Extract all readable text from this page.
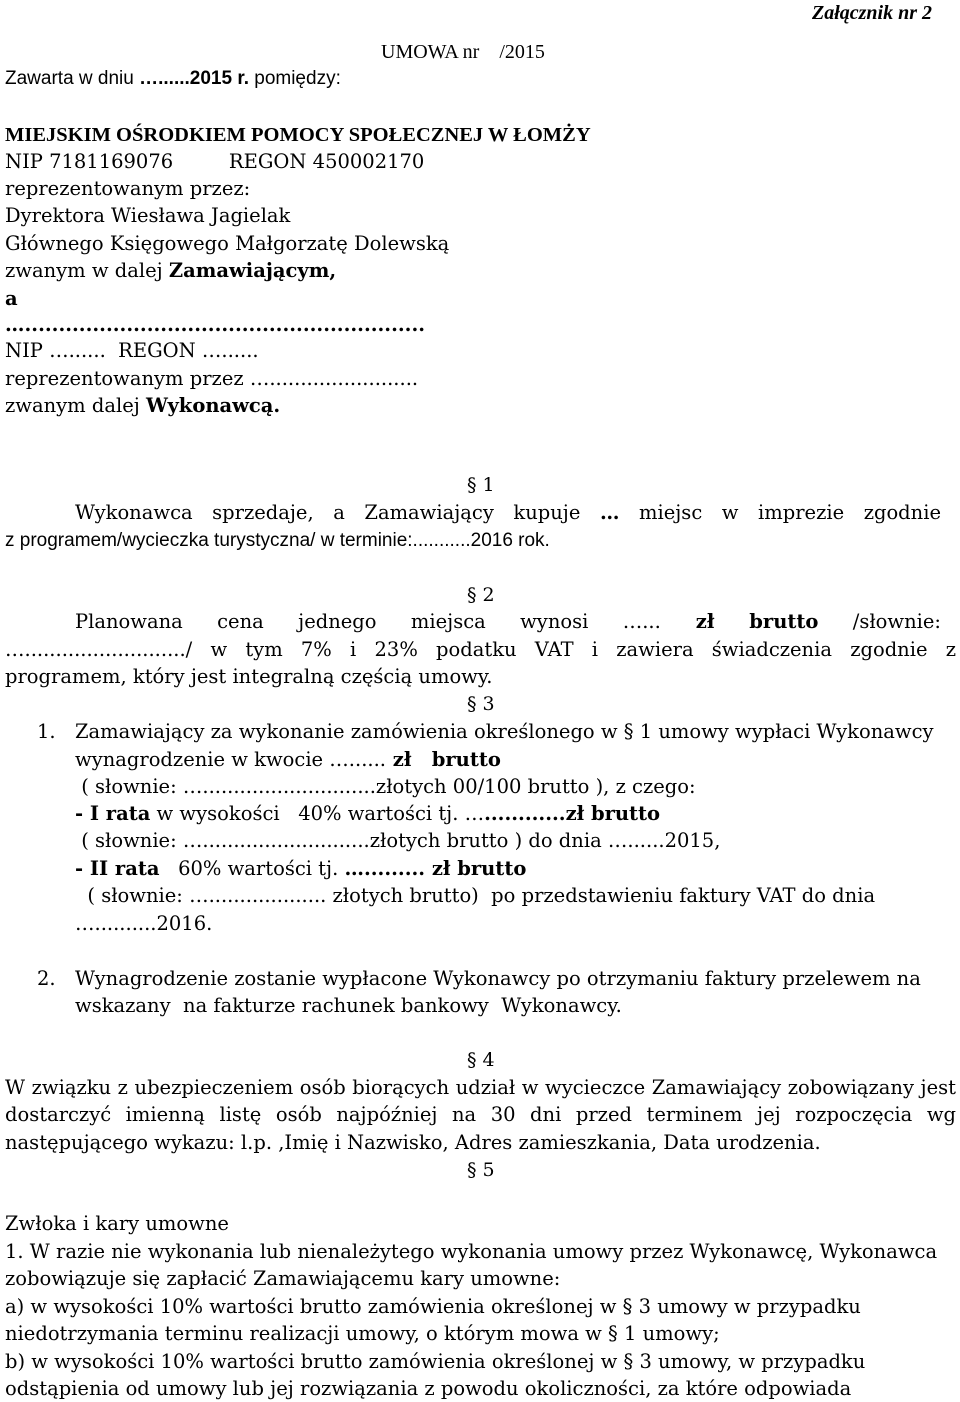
Załącznik nr 2
UMOWA nr    /2015
Zawarta w dniu …......2015 r. pomiędzy:
MIEJSKIM OŚRODKIEM POMOCY SPOŁECZNEJ W ŁOMŻY
NIP 7181169076         REGON 450002170
reprezentowanym przez:
Dyrektora Wiesława Jagielak
Głównego Księgowego Małgorzatę Dolewską
zwanym w dalej Zamawiającym,
a
…...........................................................
NIP …......  REGON …......
reprezentowanym przez …........................
zwanym dalej Wykonawcą.
§ 1
Wykonawca sprzedaje, a Zamawiający kupuje … miejsc w imprezie zgodnie
z programem/wycieczka turystyczna/ w terminie:...........2016 rok.
§ 2
Planowana cena jednego miejsca wynosi …... zł brutto /słownie:
…........................../ w tym 7% i 23% podatku VAT i zawiera świadczenia zgodnie z
programem, który jest integralną częścią umowy.
§ 3
1. Zamawiający za wykonanie zamówienia określonego w § 1 umowy wypłaci Wykonawcy
wynagrodzenie w kwocie …...... zł   brutto
( słownie: …............................złotych 00/100 brutto ), z czego:
- I rata w wysokości   40% wartości tj. …............zł brutto
( słownie: …...........................złotych brutto ) do dnia …......2015,
- II rata   60% wartości tj. …......... zł brutto
( słownie: …................... złotych brutto)  po przedstawieniu faktury VAT do dnia
…..........2016.
2. Wynagrodzenie zostanie wypłacone Wykonawcy po otrzymaniu faktury przelewem na
wskazany  na fakturze rachunek bankowy  Wykonawcy.
§ 4
W związku z ubezpieczeniem osób biorących udział w wycieczce Zamawiający zobowiązany jest
dostarczyć imienną listę osób najpóźniej na 30 dni przed terminem jej rozpoczęcia wg
następującego wykazu: l.p. ,Imię i Nazwisko, Adres zamieszkania, Data urodzenia.
§ 5
Zwłoka i kary umowne
1. W razie nie wykonania lub nienależytego wykonania umowy przez Wykonawcę, Wykonawca
zobowiązuje się zapłacić Zamawiającemu kary umowne:
a) w wysokości 10% wartości brutto zamówienia określonej w § 3 umowy w przypadku
niedotrzymania terminu realizacji umowy, o którym mowa w § 1 umowy;
b) w wysokości 10% wartości brutto zamówienia określonej w § 3 umowy, w przypadku
odstąpienia od umowy lub jej rozwiązania z powodu okoliczności, za które odpowiada
